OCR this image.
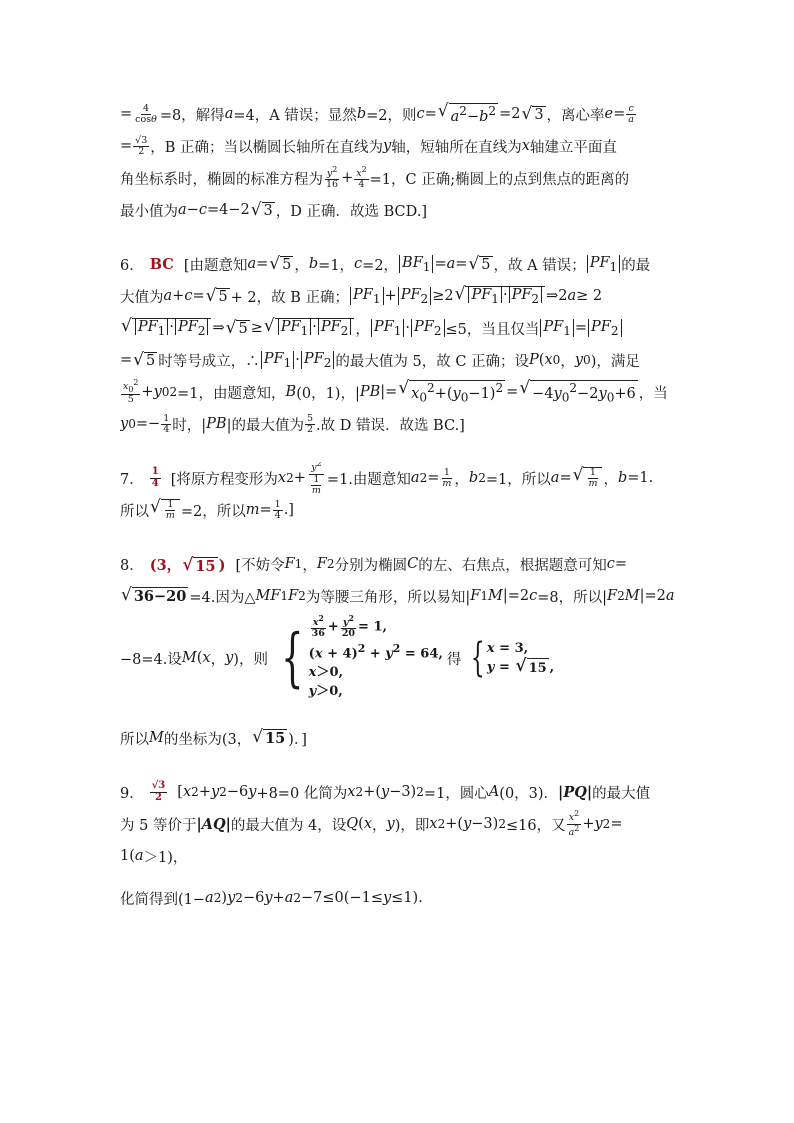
= $\frac{4}{\cos\theta} =8$，解得 a =4，A 错误；显然 b =2，则 c = √ $a^2-b^2 =2$ √ 3 ，离心率 $e = \frac{c}{a}$
= $\frac{√3}{2}$ ，B 正确；当以椭圆长轴所在直线为 y 轴，短轴所在直线为 x 轴建立平面直
角坐标系时，椭圆的标准方程为 $\frac{y^2}{16} + \frac{x^2}{4} =1$，C 正确;椭圆上的点到焦点的距离的
最小值为 a − c =4−2 √ 3 ，D 正确．故选 BCD.]
6． BC [由题意知 a = √ 5 ， b =1， c =2， $BF_1 = a$ = √ 5 ，故 A 错误； $PF_1$ 的最
大值为 a + c = √ 5 + 2，故 B 正确； $PF_1 + PF_2 \ge 2$ √ $PF_1 \cdot PF_2$ ⇒2 a ≥ 2
√ $PF_1 \cdot PF_2$ ⇒ √ 5 ≥ √ $PF_1 \cdot PF_2$ ， $PF_1 \cdot PF_2 \le 5$，当且仅当 $PF_1 = PF_2$
= √ 5 时等号成立，∴ $PF_1 \cdot PF_2$ 的最大值为 5，故 C 正确；设 P ( x 0 ， y 0 )，满足
$\frac{x_0^2}{5} + y$ 0 2 =1，由题意知， B (0，1)，| PB |= √ $x_0^2+(y_0-1)^2$ = √ $-4y_0^2-2y_0+6$ ，当
y $0 =- \frac{1}{4}$ 时，| PB |的最大值为 $\frac{5}{2}$ .故 D 错误．故选 BC.]
7． $\frac{1}{4}$ [将原方程变形为 x $2 + \frac{y^2}{\frac{1}{m}} =1$.由题意知 a $2 = \frac{1}{m}$ ， b 2 =1，所以 a = √ $\frac{1}{m}$ ， b =1.
所以 √ $\frac{1}{m} =2$，所以 $m = \frac{1}{4}$ .]
8． (3， √ 15 ) [不妨令 F 1 ， F 2 分别为椭圆 C 的左、右焦点，根据题意可知 c =
√ 36−20 =4.因为△ MF 1 F 2 为等腰三角形，所以易知| F 1 M |=2 c =8，所以| F 2 M |=2 a
−8=4.设 M ( x ， y )，则 { $\frac{x^2}{36} + \frac{y^2}{20} = 1$,
$(x + 4)^2 + y^2 = 64$,
x＞0,
y＞0,
得 { x = 3,
y = √ 15 ,
所以 M 的坐标为(3， √ 15 )．]
9． $\frac{√3}{2}$ [ x 2 + y 2 −6 y +8=0 化简为 x 2 +( y −3) 2 =1，圆心 A (0，3)． |PQ| 的最大值
为 5 等价于 |AQ| 的最大值为 4，设 Q ( x ， y )，即 x 2 +( y −3) 2 ≤16，又 $\frac{x^2}{a^2} + y$ 2 =
1( a ＞1)，
化简得到(1− a 2 ) y 2 −6 y + a 2 −7≤0(−1≤ y ≤1).
